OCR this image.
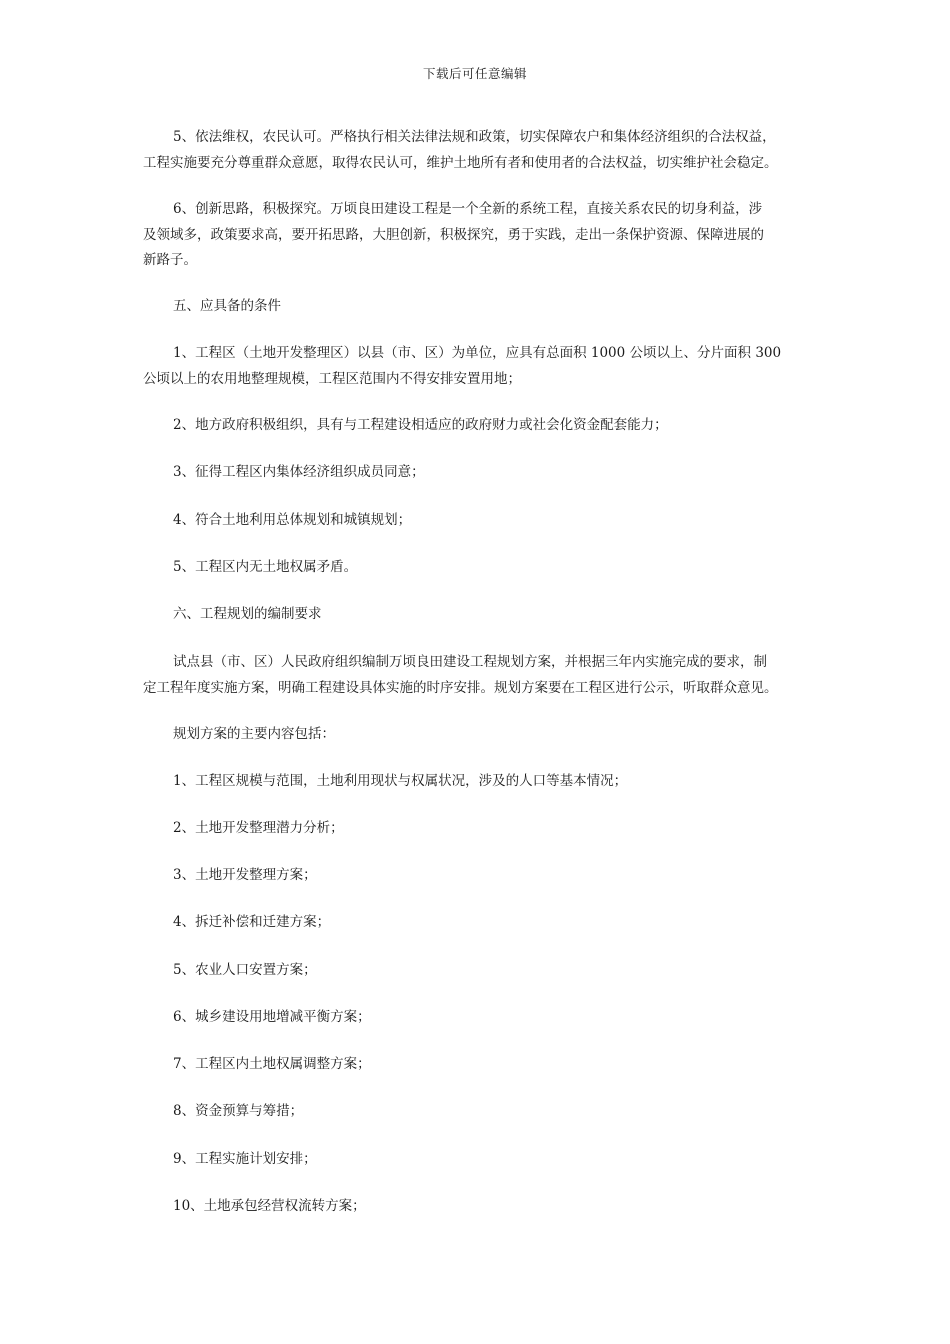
下载后可任意编辑

5、依法维权，农民认可。严格执行相关法律法规和政策，切实保障农户和集体经济组织的合法权益，
工程实施要充分尊重群众意愿，取得农民认可，维护土地所有者和使用者的合法权益，切实维护社会稳定。

6、创新思路，积极探究。万顷良田建设工程是一个全新的系统工程，直接关系农民的切身利益，涉
及领域多，政策要求高，要开拓思路，大胆创新，积极探究，勇于实践，走出一条保护资源、保障进展的
新路子。

五、应具备的条件

1、工程区（土地开发整理区）以县（市、区）为单位，应具有总面积 1000 公顷以上、分片面积 300
公顷以上的农用地整理规模，工程区范围内不得安排安置用地；

2、地方政府积极组织，具有与工程建设相适应的政府财力或社会化资金配套能力；

3、征得工程区内集体经济组织成员同意；

4、符合土地利用总体规划和城镇规划；

5、工程区内无土地权属矛盾。

六、工程规划的编制要求

试点县（市、区）人民政府组织编制万顷良田建设工程规划方案，并根据三年内实施完成的要求，制
定工程年度实施方案，明确工程建设具体实施的时序安排。规划方案要在工程区进行公示，听取群众意见。

规划方案的主要内容包括：

1、工程区规模与范围，土地利用现状与权属状况，涉及的人口等基本情况；

2、土地开发整理潜力分析；

3、土地开发整理方案；

4、拆迁补偿和迁建方案；

5、农业人口安置方案；

6、城乡建设用地增减平衡方案；

7、工程区内土地权属调整方案；

8、资金预算与筹措；

9、工程实施计划安排；

10、土地承包经营权流转方案；
